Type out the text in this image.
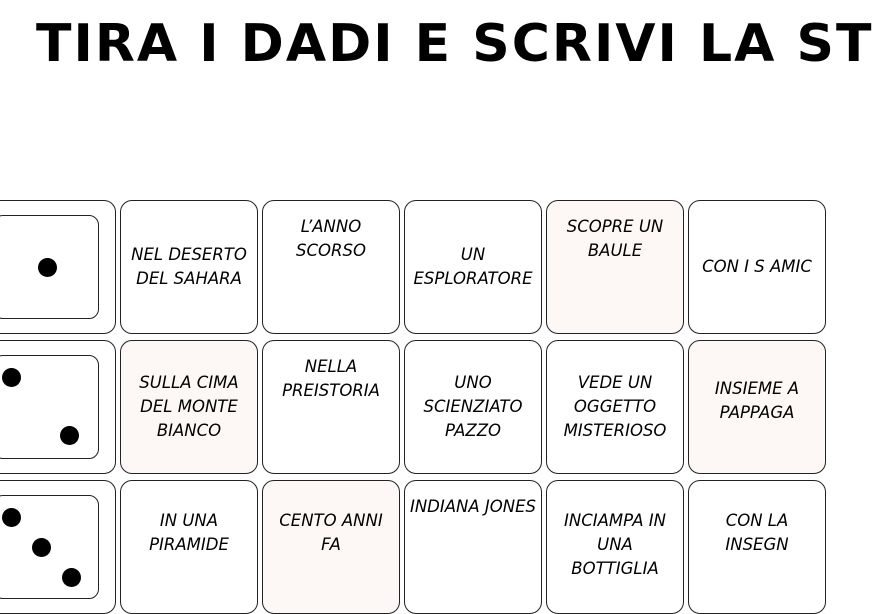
TIRA I DADI E SCRIVI LA ST
NEL DESERTO DEL SAHARA
L’ANNO SCORSO	UN ESPLORATORE
SCOPRE UN BAULE
CON I S AMIC
SULLA CIMA DEL MONTE BIANCO
NELLA PREISTORIA	UNO SCIENZIATO PAZZO
VEDE UN OGGETTO MISTERIOSO
INSIEME A PAPPAGA
IN UNA PIRAMIDE
CENTO ANNI FA
INDIANA JONES
INCIAMPA IN UNA BOTTIGLIA
CON LA INSEGN
